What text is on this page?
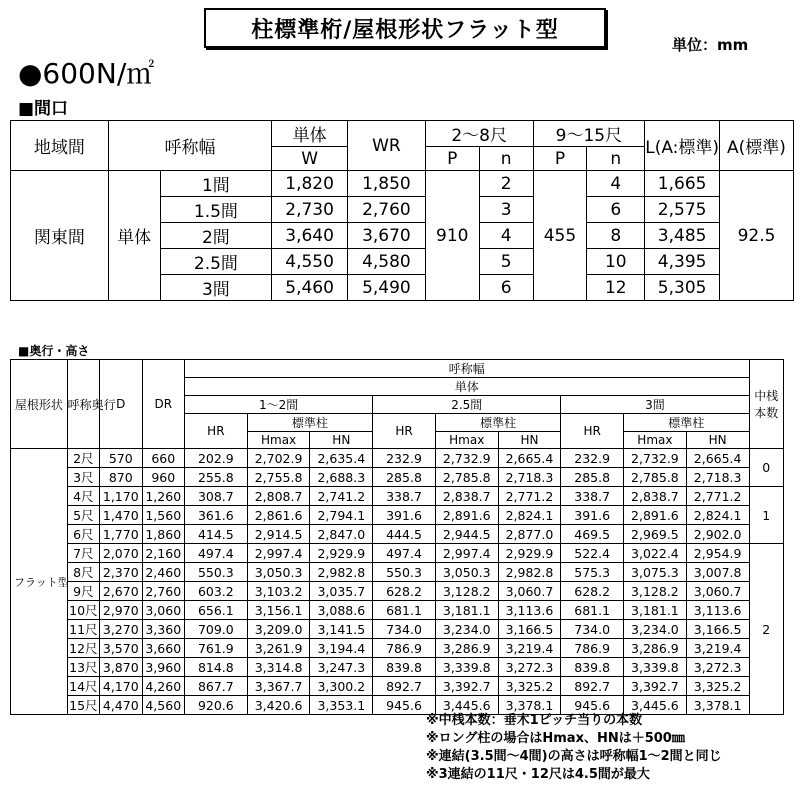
柱標準桁/屋根形状フラット型
単位：mm
●600N/㎡
■間口
地域間	呼称幅		単体	WR	2〜8尺		9〜15尺		L(A:標準)	A(標準)
			W		P	n	P	n		
関東間	単体	1間	1,820	1,850	910	2	455	4	1,665	92.5
		1.5間	2,730	2,760		3		6	2,575	
		2間	3,640	3,670		4		8	3,485	
		2.5間	4,550	4,580		5		10	4,395	
		3間	5,460	5,490		6		12	5,305	
■奥行・高さ
屋根形状	呼称奥行	D	DR	呼称幅									中桟本数
				単体									
				1〜2間			2.5間			3間			
				HR	標準柱		HR	標準柱		HR	標準柱		
					Hmax	HN		Hmax	HN		Hmax	HN	
フラット型	2尺	570	660	202.9	2,702.9	2,635.4	232.9	2,732.9	2,665.4	232.9	2,732.9	2,665.4	0
	3尺	870	960	255.8	2,755.8	2,688.3	285.8	2,785.8	2,718.3	285.8	2,785.8	2,718.3	
	4尺	1,170	1,260	308.7	2,808.7	2,741.2	338.7	2,838.7	2,771.2	338.7	2,838.7	2,771.2	1
	5尺	1,470	1,560	361.6	2,861.6	2,794.1	391.6	2,891.6	2,824.1	391.6	2,891.6	2,824.1	
	6尺	1,770	1,860	414.5	2,914.5	2,847.0	444.5	2,944.5	2,877.0	469.5	2,969.5	2,902.0	
	7尺	2,070	2,160	497.4	2,997.4	2,929.9	497.4	2,997.4	2,929.9	522.4	3,022.4	2,954.9	2
	8尺	2,370	2,460	550.3	3,050.3	2,982.8	550.3	3,050.3	2,982.8	575.3	3,075.3	3,007.8	
	9尺	2,670	2,760	603.2	3,103.2	3,035.7	628.2	3,128.2	3,060.7	628.2	3,128.2	3,060.7	
	10尺	2,970	3,060	656.1	3,156.1	3,088.6	681.1	3,181.1	3,113.6	681.1	3,181.1	3,113.6	
	11尺	3,270	3,360	709.0	3,209.0	3,141.5	734.0	3,234.0	3,166.5	734.0	3,234.0	3,166.5	
	12尺	3,570	3,660	761.9	3,261.9	3,194.4	786.9	3,286.9	3,219.4	786.9	3,286.9	3,219.4	
	13尺	3,870	3,960	814.8	3,314.8	3,247.3	839.8	3,339.8	3,272.3	839.8	3,339.8	3,272.3	
	14尺	4,170	4,260	867.7	3,367.7	3,300.2	892.7	3,392.7	3,325.2	892.7	3,392.7	3,325.2	
	15尺	4,470	4,560	920.6	3,420.6	3,353.1	945.6	3,445.6	3,378.1	945.6	3,445.6	3,378.1	
※中桟本数：垂木1ピッチ当りの本数
※ロング柱の場合はHmax、HNは＋500㎜
※連結(3.5間〜4間)の高さは呼称幅1〜2間と同じ
※3連結の11尺・12尺は4.5間が最大
